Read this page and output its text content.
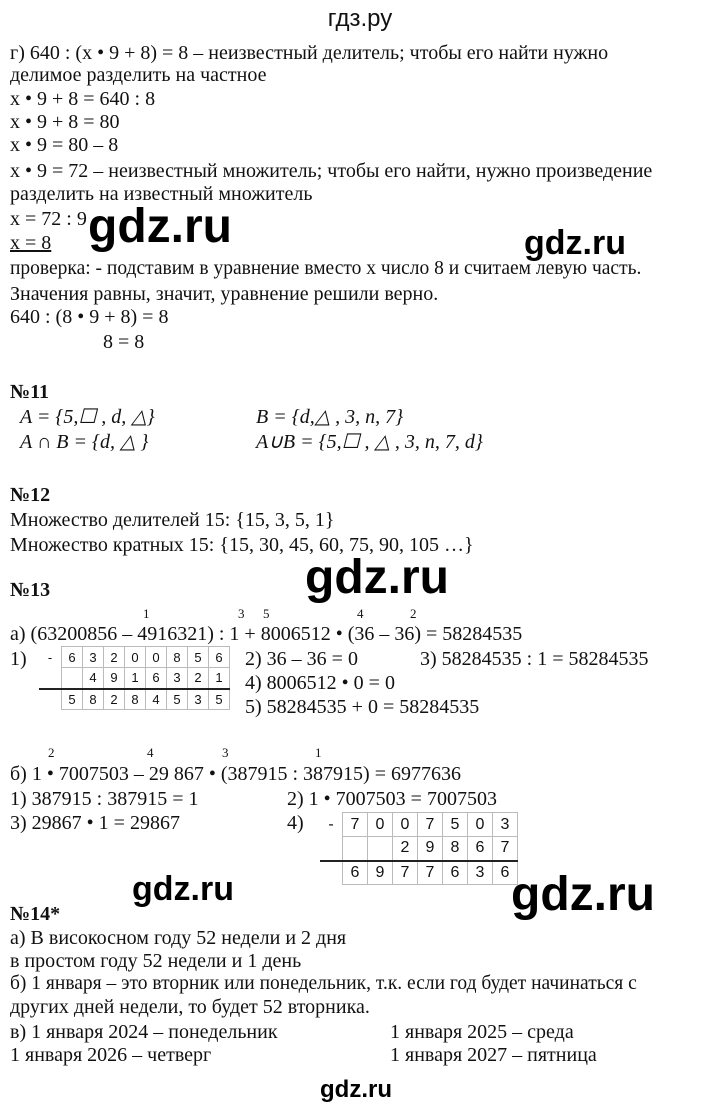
гдз.ру
г) 640 : (x • 9 + 8) = 8 – неизвестный делитель; чтобы его найти нужно
делимое разделить на частное
x • 9 + 8 = 640 : 8
x • 9 + 8 = 80
x • 9 = 80 – 8
x • 9 = 72 – неизвестный множитель; чтобы его найти, нужно произведение
разделить на известный множитель
x = 72 : 9
x = 8
проверка: - подставим в уравнение вместо x число 8 и считаем левую часть.
Значения равны, значит, уравнение решили верно.
640 : (8 • 9 + 8) = 8
8 = 8
gdz.ru	gdz.ru
gdz.ru
gdz.ru	gdz.ru
gdz.ru
№11
A = {5,☐ , d, △}	B = {d,△ , 3, n, 7}
A ∩ B = {d, △ }	A∪B = {5,☐ , △ , 3, n, 7, d}
№12
Множество делителей 15: {15, 3, 5, 1}
Множество кратных 15: {15, 30, 45, 60, 75, 90, 105 …}
№13
1	3 5	4	2
а) (63200856 – 4916321) : 1 + 8006512 • (36 – 36) = 58284535
1) -	6	3	2	0	0	8	5	6
		4	9	1	6	3	2	1
	5	8	2	8	4	5	3	5
2) 36 – 36 = 0	3) 58284535 : 1 = 58284535
4) 8006512 • 0 = 0
5) 58284535 + 0 = 58284535
2	4	3	1
б) 1 • 7007503 – 29 867 • (387915 : 387915) = 6977636
1) 387915 : 387915 = 1	2) 1 • 7007503 = 7007503
3) 29867 • 1 = 29867	4) -	7	0	0	7	5	0	3
			2	9	8	6	7
	6	9	7	7	6	3	6
№14*
а) В високосном году 52 недели и 2 дня
в простом году 52 недели и 1 день
б) 1 января – это вторник или понедельник, т.к. если год будет начинаться с
других дней недели, то будет 52 вторника.
в) 1 января 2024 – понедельник	1 января 2025 – среда
1 января 2026 – четверг	1 января 2027 – пятница
